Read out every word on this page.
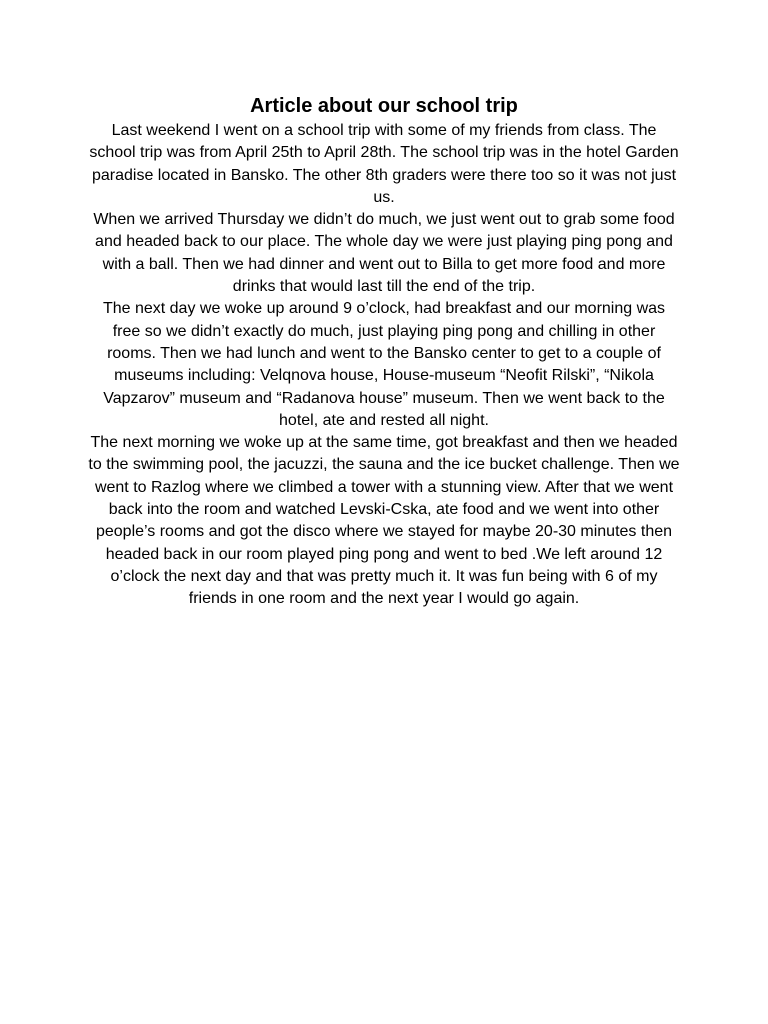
Article about our school trip

Last weekend I went on a school trip with some of my friends from class. The school trip was from April 25th to April 28th. The school trip was in the hotel Garden paradise located in Bansko. The other 8th graders were there too so it was not just us.

When we arrived Thursday we didn’t do much, we just went out to grab some food and headed back to our place. The whole day we were just playing ping pong and with a ball. Then we had dinner and went out to Billa to get more food and more drinks that would last till the end of the trip.

The next day we woke up around 9 o’clock, had breakfast and our morning was free so we didn’t exactly do much, just playing ping pong and chilling in other rooms. Then we had lunch and went to the Bansko center to get to a couple of museums including: Velqnova house, House-museum “Neofit Rilski”, “Nikola Vapzarov” museum and “Radanova house” museum. Then we went back to the hotel, ate and rested all night.

The next morning we woke up at the same time, got breakfast and then we headed to the swimming pool, the jacuzzi, the sauna and the ice bucket challenge. Then we went to Razlog where we climbed a tower with a stunning view. After that we went back into the room and watched Levski-Cska, ate food and we went into other people’s rooms and got the disco where we stayed for maybe 20-30 minutes then headed back in our room played ping pong and went to bed .We left around 12 o’clock the next day and that was pretty much it. It was fun being with 6 of my friends in one room and the next year I would go again.
